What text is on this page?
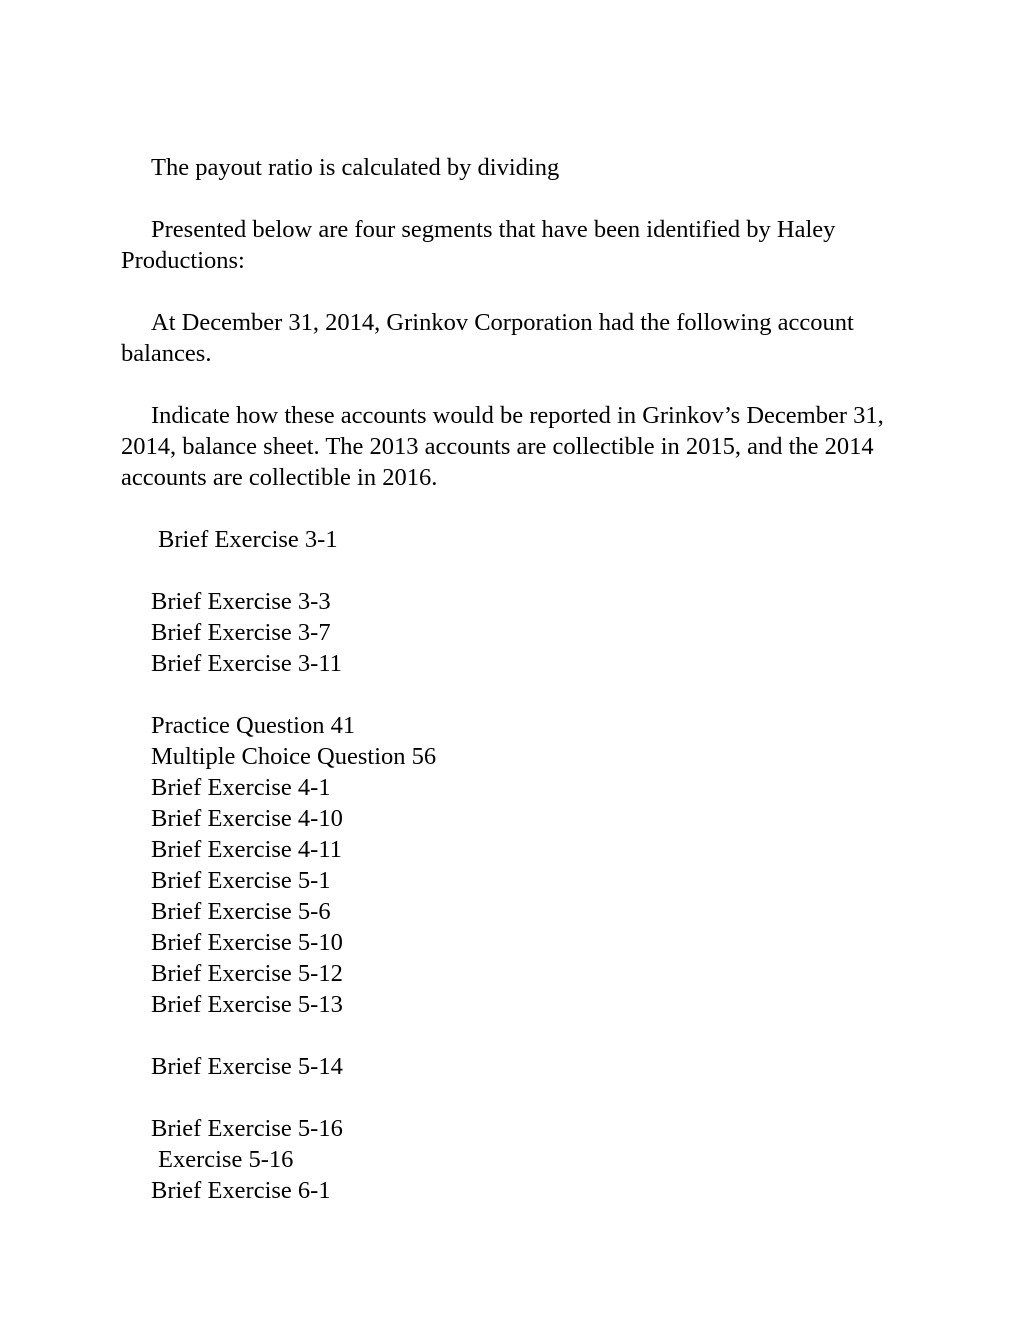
The payout ratio is calculated by dividing

Presented below are four segments that have been identified by Haley Productions:

At December 31, 2014, Grinkov Corporation had the following account balances.

Indicate how these accounts would be reported in Grinkov’s December 31, 2014, balance sheet. The 2013 accounts are collectible in 2015, and the 2014 accounts are collectible in 2016.

Brief Exercise 3-1

Brief Exercise 3-3

Brief Exercise 3-7

Brief Exercise 3-11

Practice Question 41

Multiple Choice Question 56

Brief Exercise 4-1

Brief Exercise 4-10

Brief Exercise 4-11

Brief Exercise 5-1

Brief Exercise 5-6

Brief Exercise 5-10

Brief Exercise 5-12

Brief Exercise 5-13

Brief Exercise 5-14

Brief Exercise 5-16

Exercise 5-16

Brief Exercise 6-1
